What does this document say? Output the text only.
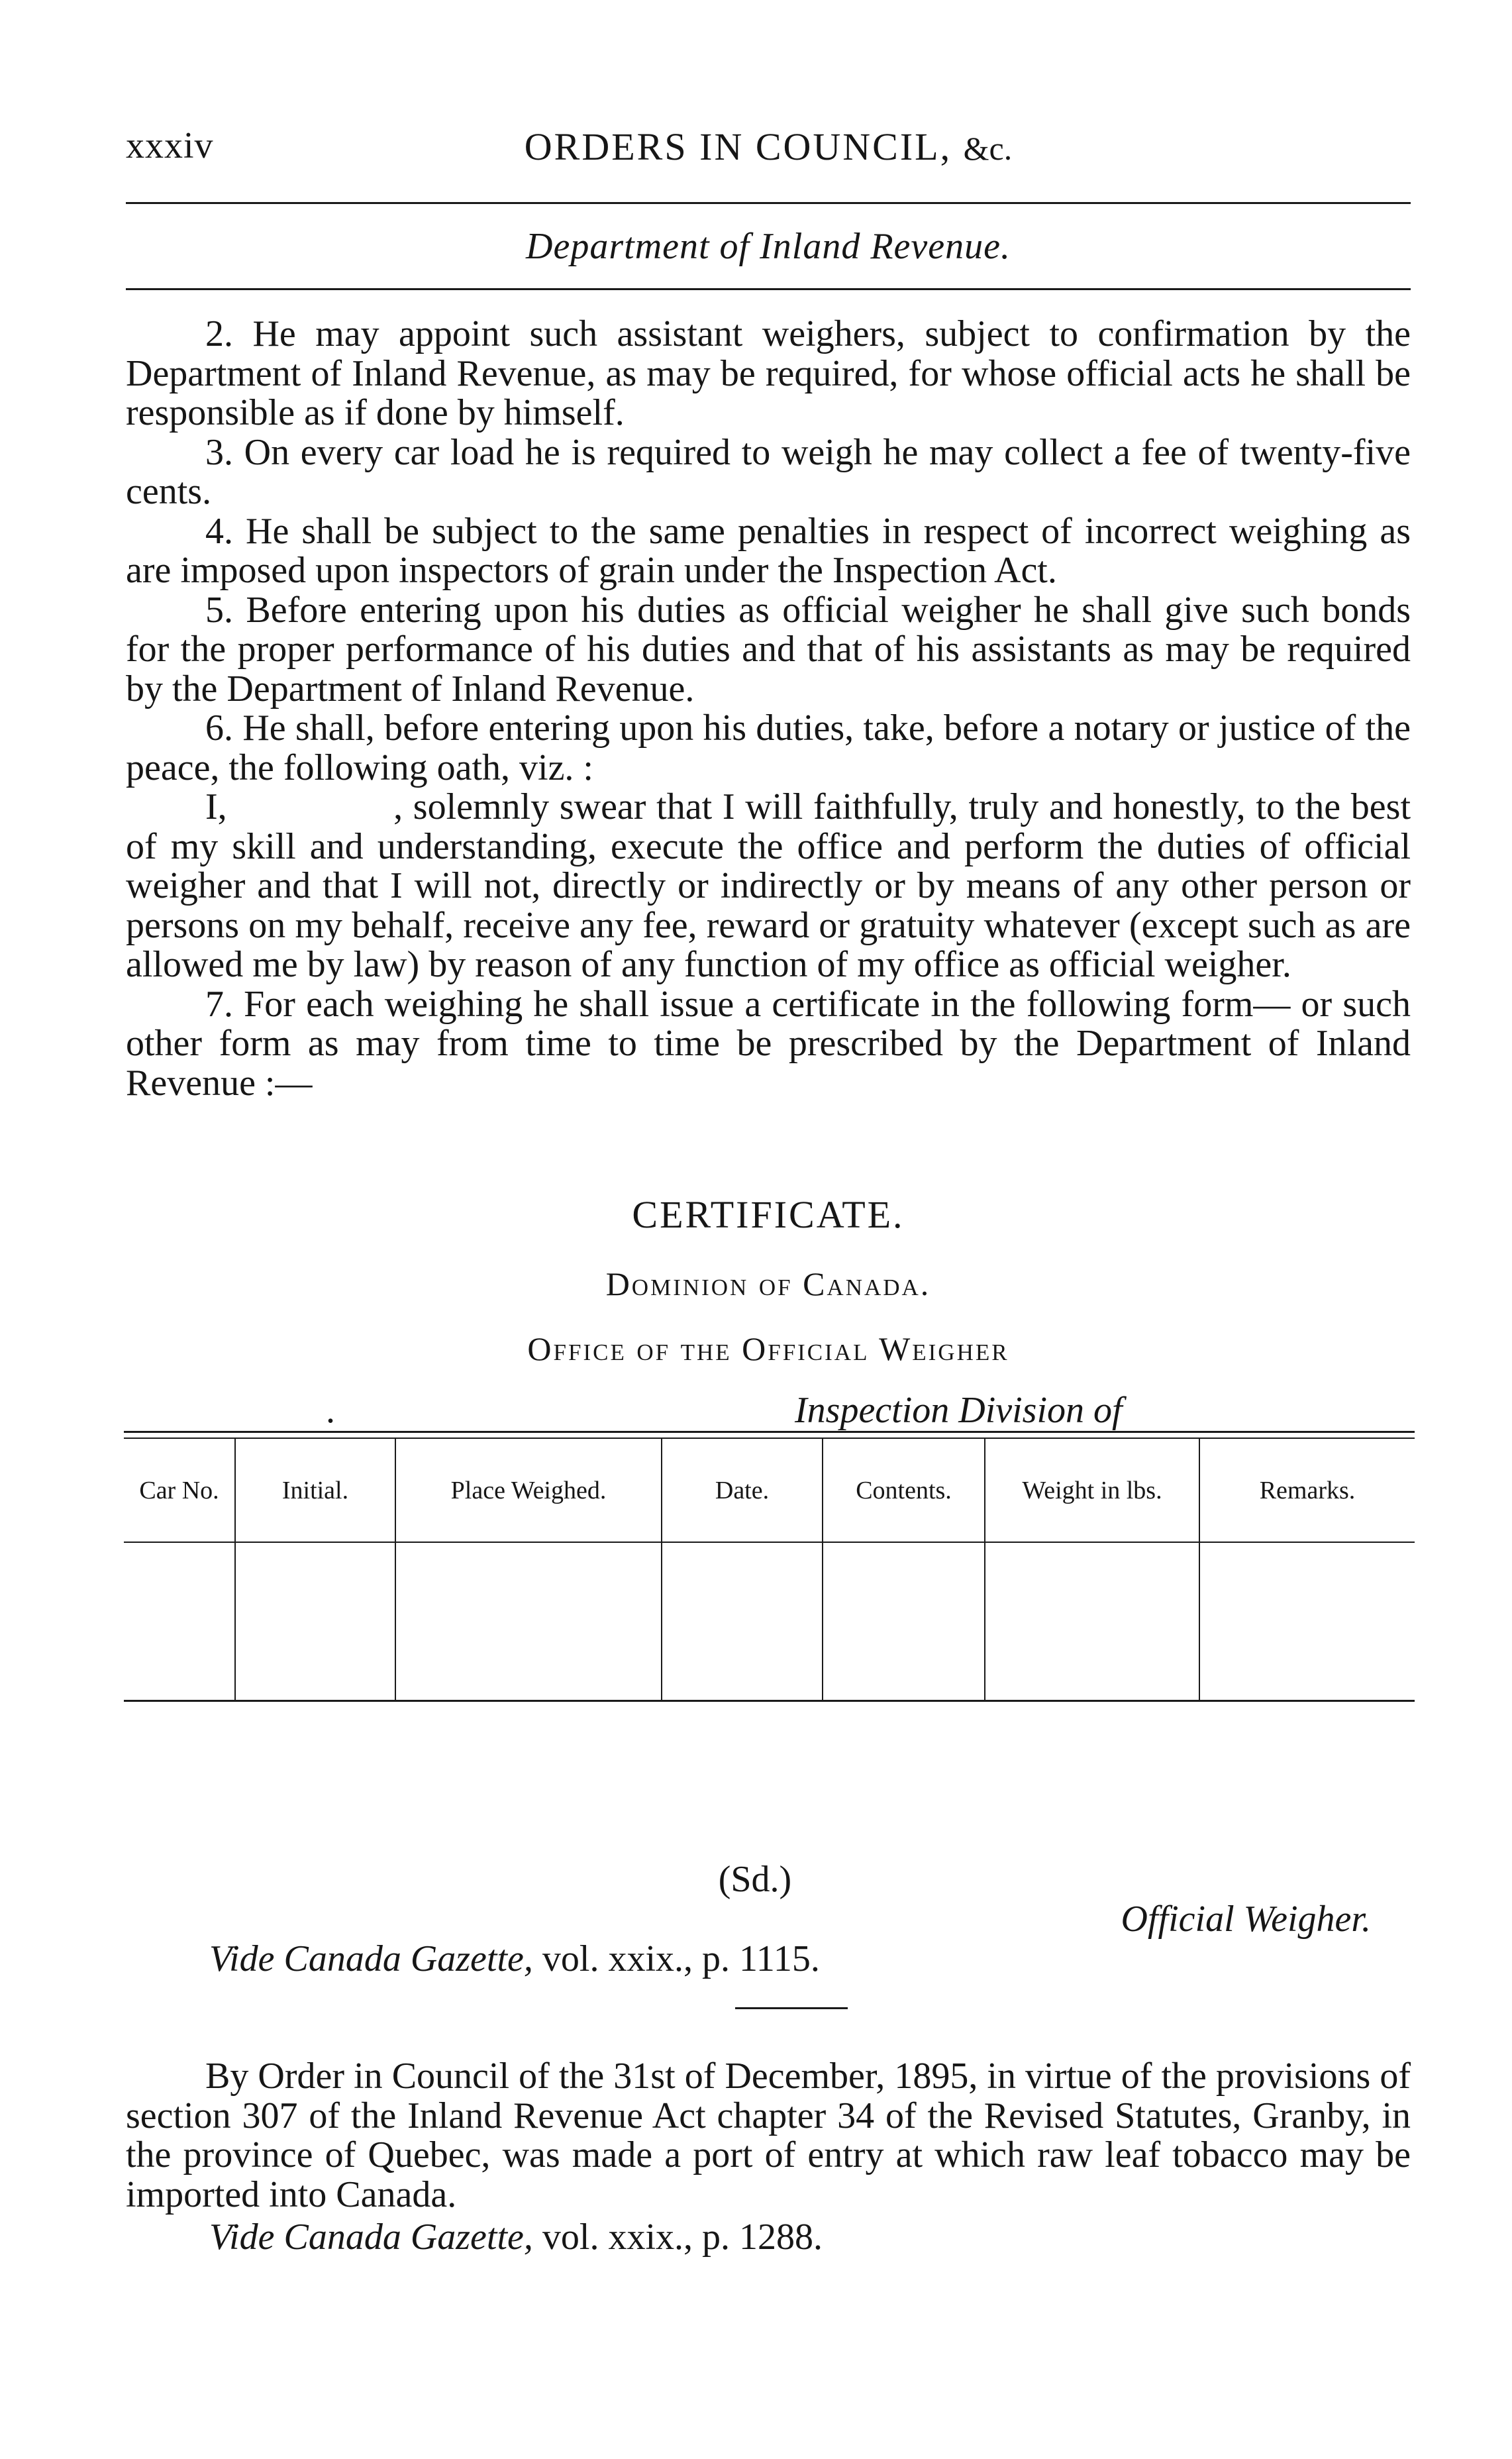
xxxiv	ORDERS IN COUNCIL, &c.
Department of Inland Revenue.

2. He may appoint such assistant weighers, subject to confirmation by the Department of Inland Revenue, as may be required, for whose official acts he shall be responsible as if done by himself.

3. On every car load he is required to weigh he may collect a fee of twenty-five cents.

4. He shall be subject to the same penalties in respect of incorrect weighing as are imposed upon inspectors of grain under the Inspection Act.

5. Before entering upon his duties as official weigher he shall give such bonds for the proper performance of his duties and that of his assistants as may be required by the Department of Inland Revenue.

6. He shall, before entering upon his duties, take, before a notary or justice of the peace, the following oath, viz. :

I,                , solemnly swear that I will faithfully, truly and honestly, to the best of my skill and understanding, execute the office and perform the duties of official weigher and that I will not, directly or indirectly or by means of any other person or persons on my behalf, receive any fee, reward or gratuity whatever (except such as are allowed me by law) by reason of any function of my office as official weigher.

7. For each weighing he shall issue a certificate in the following form— or such other form as may from time to time be prescribed by the Department of Inland Revenue :—

CERTIFICATE.
Dominion of Canada.
Office of the Official Weigher
.	Inspection Division of
Car No.	Initial.	Place Weighed.	Date.	Contents.	Weight in lbs.	Remarks.

(Sd.)
Official Weigher.
Vide Canada Gazette, vol. xxix., p. 1115.

By Order in Council of the 31st of December, 1895, in virtue of the provisions of section 307 of the Inland Revenue Act chapter 34 of the Revised Statutes, Granby, in the province of Quebec, was made a port of entry at which raw leaf tobacco may be imported into Canada.

Vide Canada Gazette, vol. xxix., p. 1288.
